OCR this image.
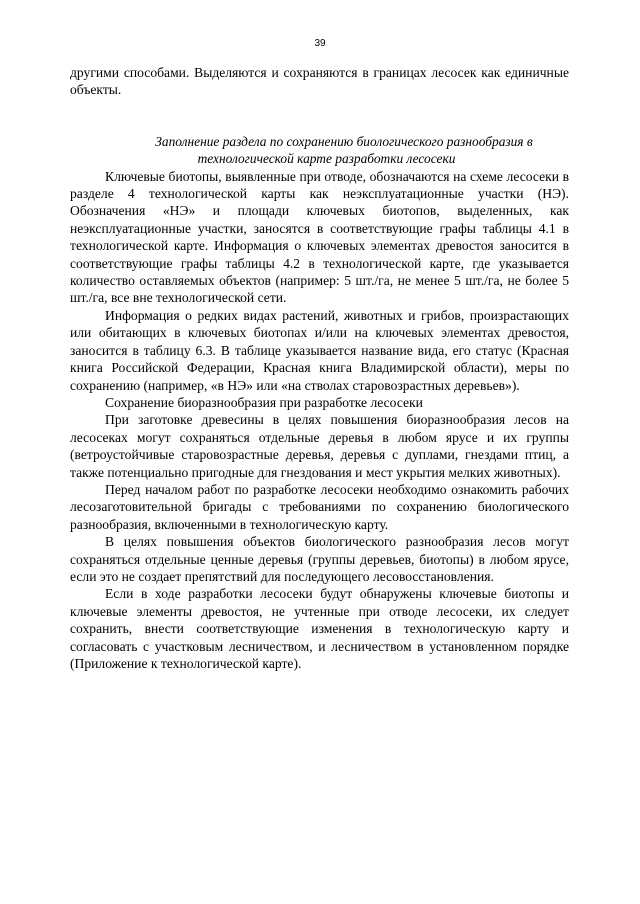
39

другими способами. Выделяются и сохраняются в границах лесосек как единичные объекты.

Заполнение раздела по сохранению биологического разнообразия в технологической карте разработки лесосеки

Ключевые биотопы, выявленные при отводе, обозначаются на схеме лесосеки в разделе 4 технологической карты как неэксплуатационные участки (НЭ). Обозначения «НЭ» и площади ключевых биотопов, выделенных, как неэксплуатационные участки, заносятся в соответствующие графы таблицы 4.1 в технологической карте. Информация о ключевых элементах древостоя заносится в соответствующие графы таблицы 4.2 в технологической карте, где указывается количество оставляемых объектов (например: 5 шт./га, не менее 5 шт./га, не более 5 шт./га, все вне технологической сети.

Информация о редких видах растений, животных и грибов, произрастающих или обитающих в ключевых биотопах и/или на ключевых элементах древостоя, заносится в таблицу 6.3. В таблице указывается название вида, его статус (Красная книга Российской Федерации, Красная книга Владимирской области), меры по сохранению (например, «в НЭ» или «на стволах старовозрастных деревьев»).

Сохранение биоразнообразия при разработке лесосеки

При заготовке древесины в целях повышения биоразнообразия лесов на лесосеках могут сохраняться отдельные деревья в любом ярусе и их группы (ветроустойчивые старовозрастные деревья, деревья с дуплами, гнездами птиц, а также потенциально пригодные для гнездования и мест укрытия мелких животных).

Перед началом работ по разработке лесосеки необходимо ознакомить рабочих лесозаготовительной бригады с требованиями по сохранению биологического разнообразия, включенными в технологическую карту.

В целях повышения объектов биологического разнообразия лесов могут сохраняться отдельные ценные деревья (группы деревьев, биотопы) в любом ярусе, если это не создает препятствий для последующего лесовосстановления.

Если в ходе разработки лесосеки будут обнаружены ключевые биотопы и ключевые элементы древостоя, не учтенные при отводе лесосеки, их следует сохранить, внести соответствующие изменения в технологическую карту и согласовать с участковым лесничеством, и лесничеством в установленном порядке (Приложение к технологической карте).
